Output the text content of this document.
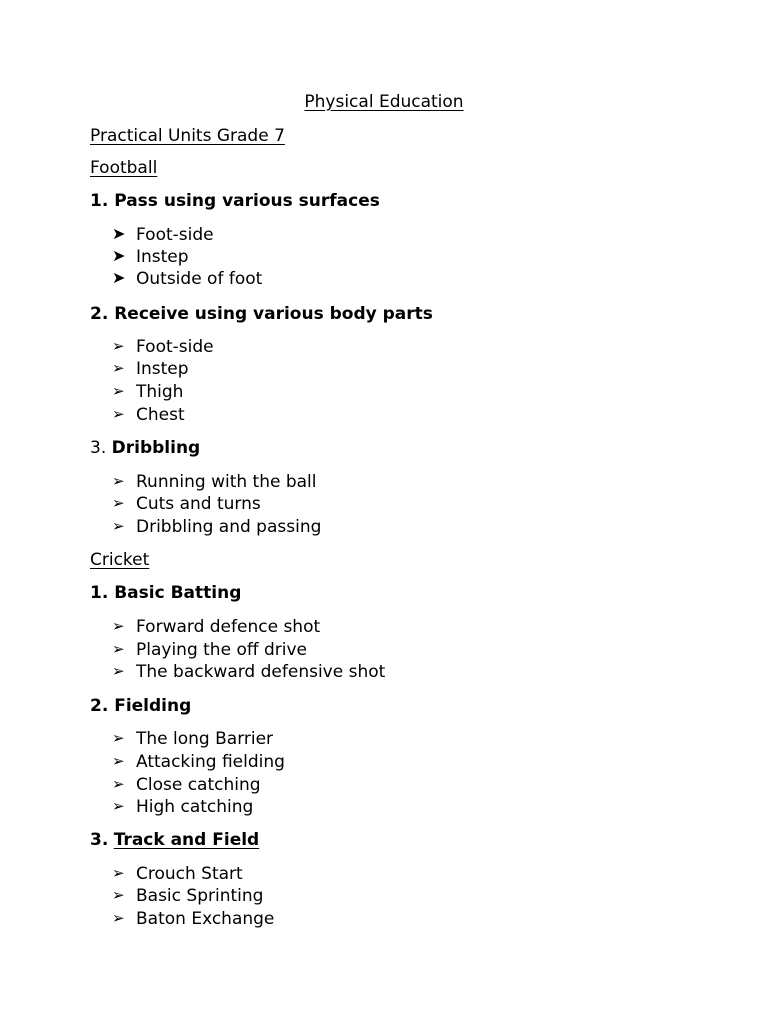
Physical Education
Practical Units Grade 7
Football
1. Pass using various surfaces
➤ Foot-side
➤ Instep
➤ Outside of foot
2. Receive using various body parts
➢ Foot-side
➢ Instep
➢ Thigh
➢ Chest
3. Dribbling
➢ Running with the ball
➢ Cuts and turns
➢ Dribbling and passing
Cricket
1. Basic Batting
➢ Forward defence shot
➢ Playing the off drive
➢ The backward defensive shot
2. Fielding
➢ The long Barrier
➢ Attacking fielding
➢ Close catching
➢ High catching
3. Track and Field
➢ Crouch Start
➢ Basic Sprinting
➢ Baton Exchange
